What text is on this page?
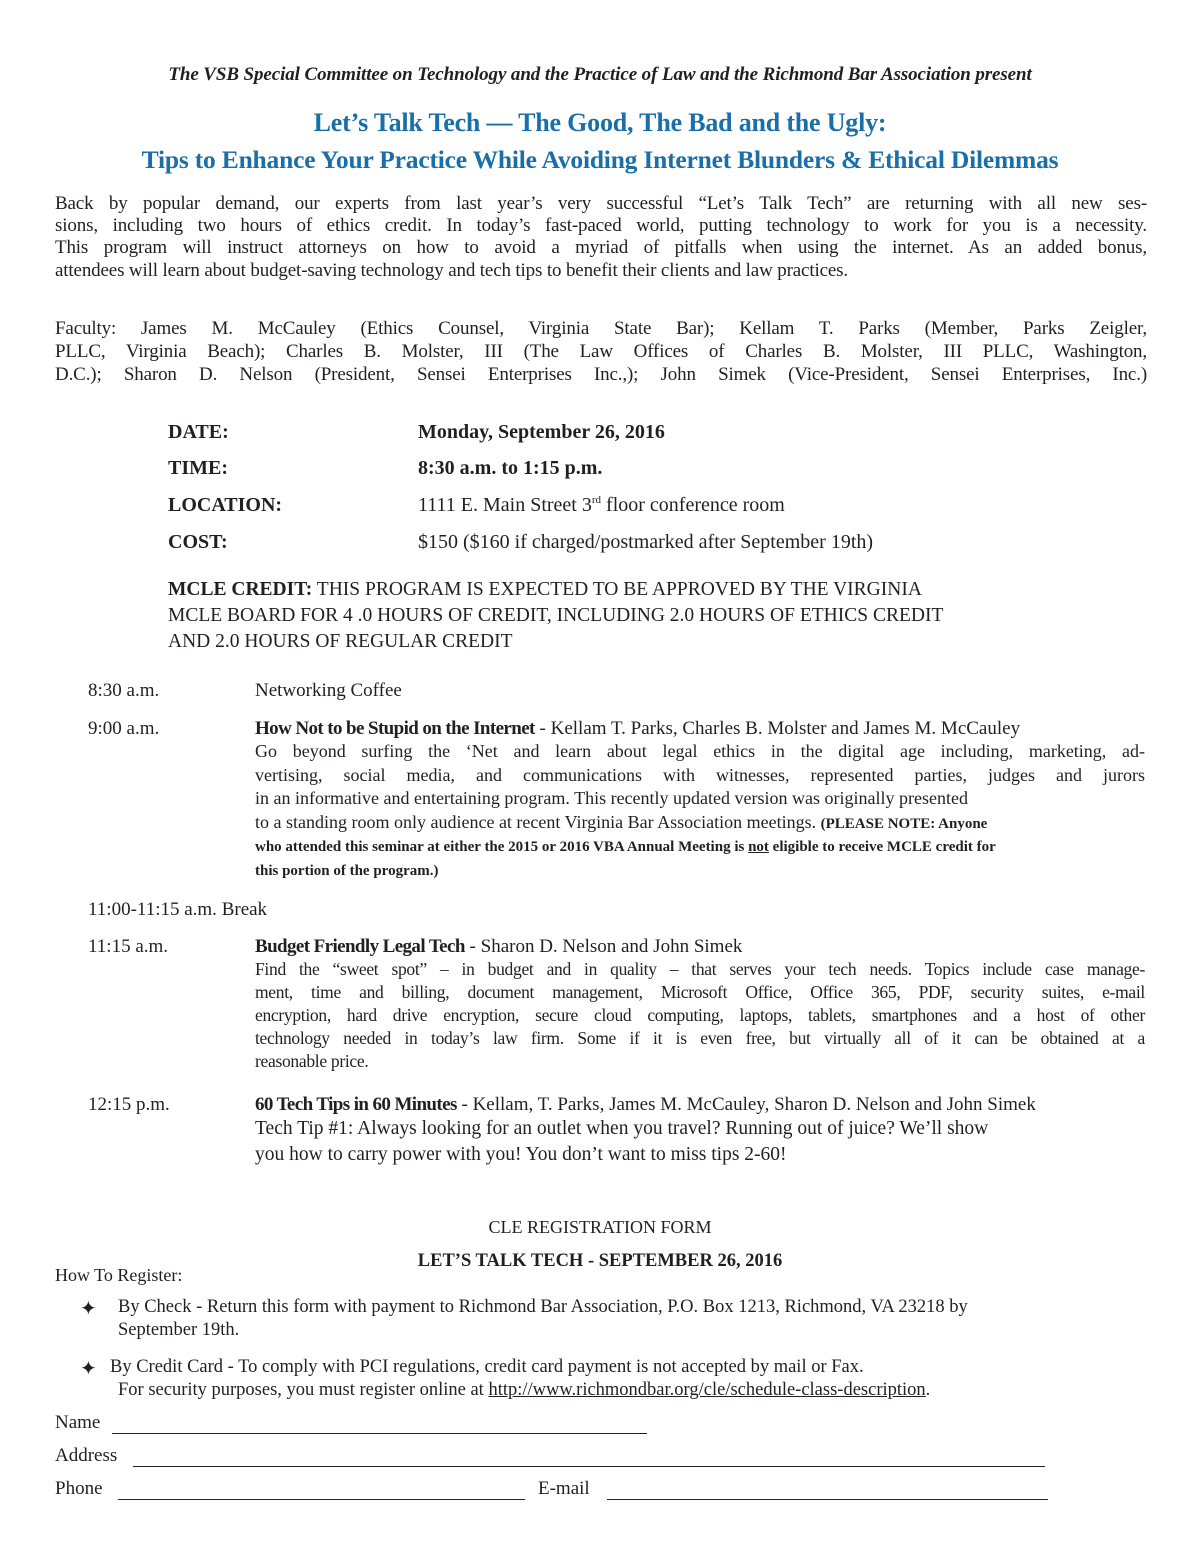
The VSB Special Committee on Technology and the Practice of Law and the Richmond Bar Association present
Let’s Talk Tech — The Good, The Bad and the Ugly:
Tips to Enhance Your Practice While Avoiding Internet Blunders & Ethical Dilemmas
Back by popular demand, our experts from last year’s very successful “Let’s Talk Tech” are returning with all new ses-
sions, including two hours of ethics credit. In today’s fast-paced world, putting technology to work for you is a necessity.
This program will instruct attorneys on how to avoid a myriad of pitfalls when using the internet. As an added bonus,
attendees will learn about budget-saving technology and tech tips to benefit their clients and law practices.
Faculty: James M. McCauley (Ethics Counsel, Virginia State Bar); Kellam T. Parks (Member, Parks Zeigler,
PLLC, Virginia Beach); Charles B. Molster, III (The Law Offices of Charles B. Molster, III PLLC, Washington,
D.C.); Sharon D. Nelson (President, Sensei Enterprises Inc.,); John Simek (Vice-President, Sensei Enterprises, Inc.)
DATE:	Monday, September 26, 2016
TIME:	8:30 a.m. to 1:15 p.m.
LOCATION:	1111 E. Main Street 3rd floor conference room
COST:	$150 ($160 if charged/postmarked after September 19th)
MCLE CREDIT: THIS PROGRAM IS EXPECTED TO BE APPROVED BY THE VIRGINIA
MCLE BOARD FOR 4 .0 HOURS OF CREDIT, INCLUDING 2.0 HOURS OF ETHICS CREDIT
AND 2.0 HOURS OF REGULAR CREDIT
8:30 a.m.	Networking Coffee
9:00 a.m.	How Not to be Stupid on the Internet - Kellam T. Parks, Charles B. Molster and James M. McCauley
Go beyond surfing the ‘Net and learn about legal ethics in the digital age including, marketing, ad-
vertising, social media, and communications with witnesses, represented parties, judges and jurors
in an informative and entertaining program. This recently updated version was originally presented
to a standing room only audience at recent Virginia Bar Association meetings. (PLEASE NOTE: Anyone
who attended this seminar at either the 2015 or 2016 VBA Annual Meeting is not eligible to receive MCLE credit for
this portion of the program.)
11:00-11:15 a.m. Break
11:15 a.m.	Budget Friendly Legal Tech - Sharon D. Nelson and John Simek
Find the “sweet spot” – in budget and in quality – that serves your tech needs. Topics include case manage-
ment, time and billing, document management, Microsoft Office, Office 365, PDF, security suites, e-mail
encryption, hard drive encryption, secure cloud computing, laptops, tablets, smartphones and a host of other
technology needed in today’s law firm. Some if it is even free, but virtually all of it can be obtained at a
reasonable price.
12:15 p.m.	60 Tech Tips in 60 Minutes - Kellam, T. Parks, James M. McCauley, Sharon D. Nelson and John Simek
Tech Tip #1: Always looking for an outlet when you travel? Running out of juice? We’ll show
you how to carry power with you! You don’t want to miss tips 2-60!
CLE REGISTRATION FORM
LET’S TALK TECH - SEPTEMBER 26, 2016
How To Register:
✦ By Check - Return this form with payment to Richmond Bar Association, P.O. Box 1213, Richmond, VA 23218 by
September 19th.
✦ By Credit Card - To comply with PCI regulations, credit card payment is not accepted by mail or Fax.
For security purposes, you must register online at http://www.richmondbar.org/cle/schedule-class-description.
Name
Address
Phone	E-mail
